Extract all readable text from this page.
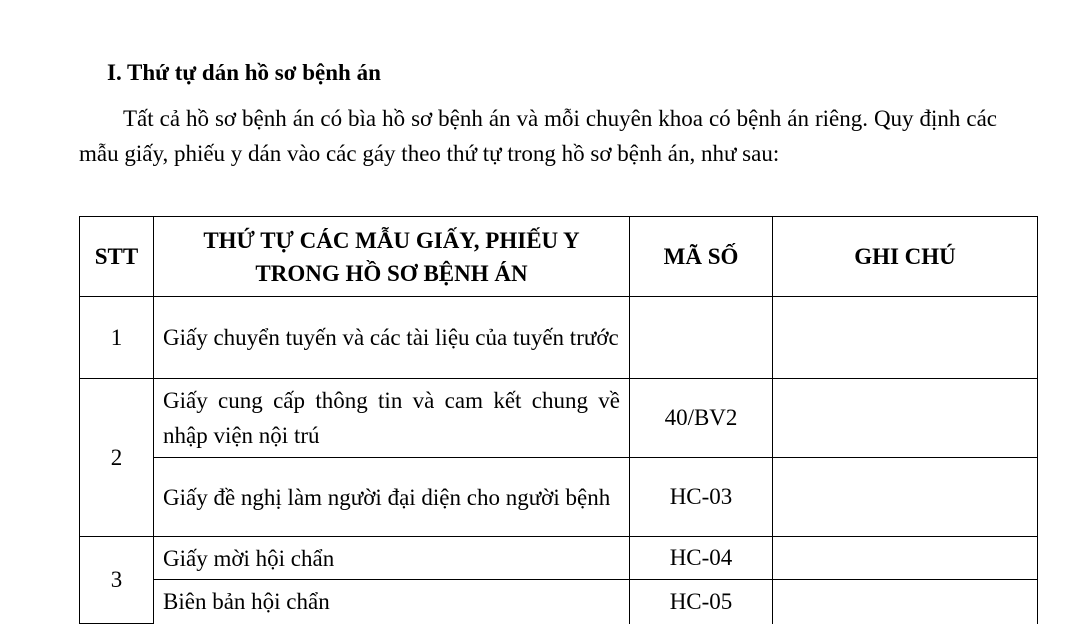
I. Thứ tự dán hồ sơ bệnh án
Tất cả hồ sơ bệnh án có bìa hồ sơ bệnh án và mỗi chuyên khoa có bệnh án riêng. Quy định các mẫu giấy, phiếu y dán vào các gáy theo thứ tự trong hồ sơ bệnh án, như sau:
STT	THỨ TỰ CÁC MẪU GIẤY, PHIẾU Y TRONG HỒ SƠ BỆNH ÁN	MÃ SỐ	GHI CHÚ
1	Giấy chuyển tuyến và các tài liệu của tuyến trước		
2	Giấy cung cấp thông tin và cam kết chung về nhập viện nội trú	40/BV2	
	Giấy đề nghị làm người đại diện cho người bệnh	HC-03	
3	Giấy mời hội chẩn	HC-04	
	Biên bản hội chẩn	HC-05	
